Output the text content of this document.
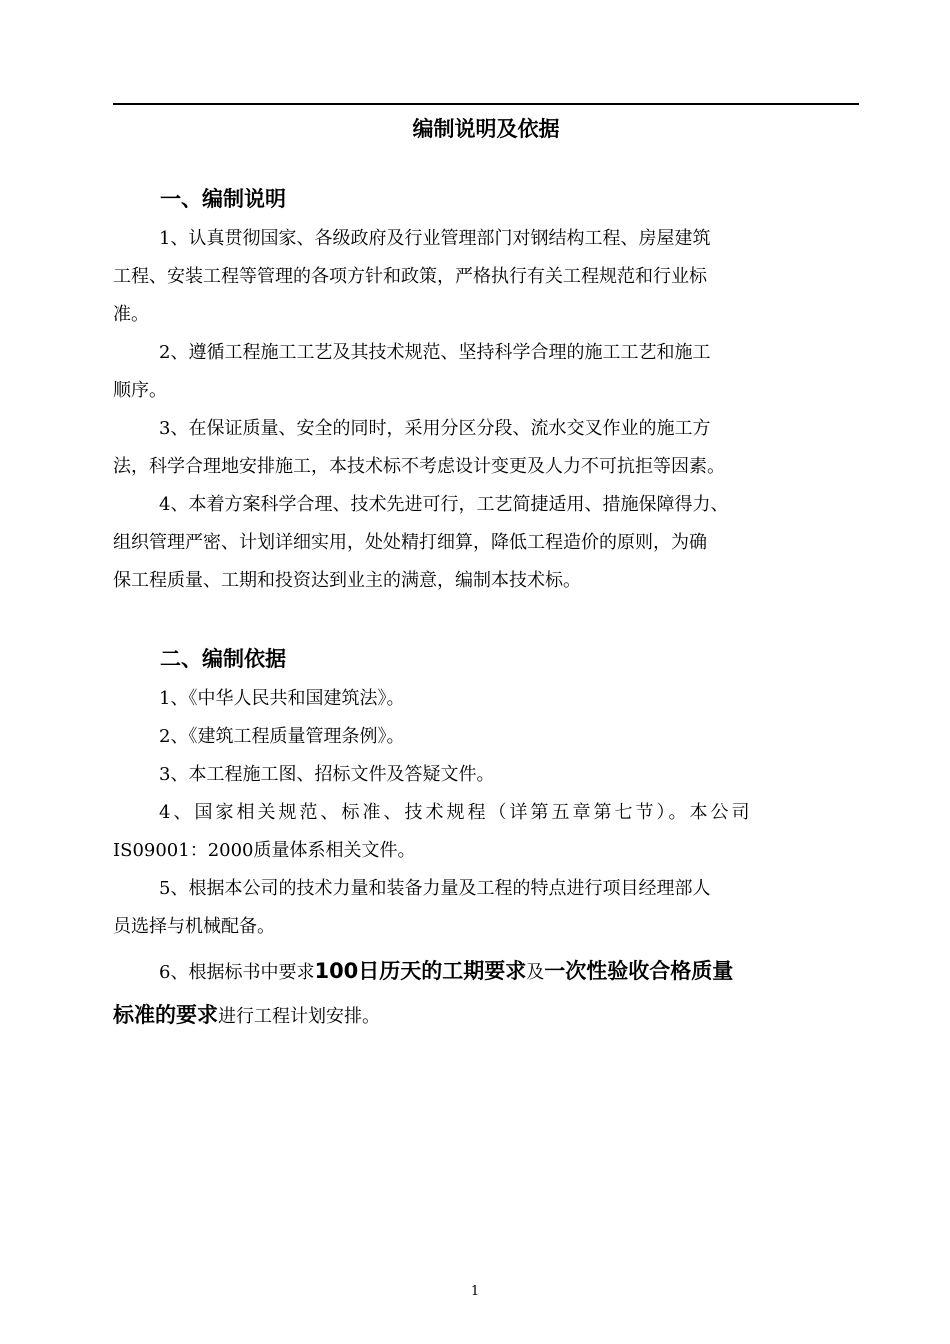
编制说明及依据
一、编制说明
1、认真贯彻国家、各级政府及行业管理部门对钢结构工程、房屋建筑
工程、安装工程等管理的各项方针和政策，严格执行有关工程规范和行业标
准。
2、遵循工程施工工艺及其技术规范、坚持科学合理的施工工艺和施工
顺序。
3、在保证质量、安全的同时，采用分区分段、流水交叉作业的施工方
法，科学合理地安排施工，本技术标不考虑设计变更及人力不可抗拒等因素。
4、本着方案科学合理、技术先进可行，工艺简捷适用、措施保障得力、
组织管理严密、计划详细实用，处处精打细算，降低工程造价的原则，为确
保工程质量、工期和投资达到业主的满意，编制本技术标。
二、编制依据
1、《中华人民共和国建筑法》。
2、《建筑工程质量管理条例》。
3、本工程施工图、招标文件及答疑文件。
4、国家相关规范、标准、技术规程（详第五章第七节）。本公司
IS09001：2000质量体系相关文件。
5、根据本公司的技术力量和装备力量及工程的特点进行项目经理部人
员选择与机械配备。
6、根据标书中要求100日历天的工期要求及一次性验收合格质量
标准的要求进行工程计划安排。
1
